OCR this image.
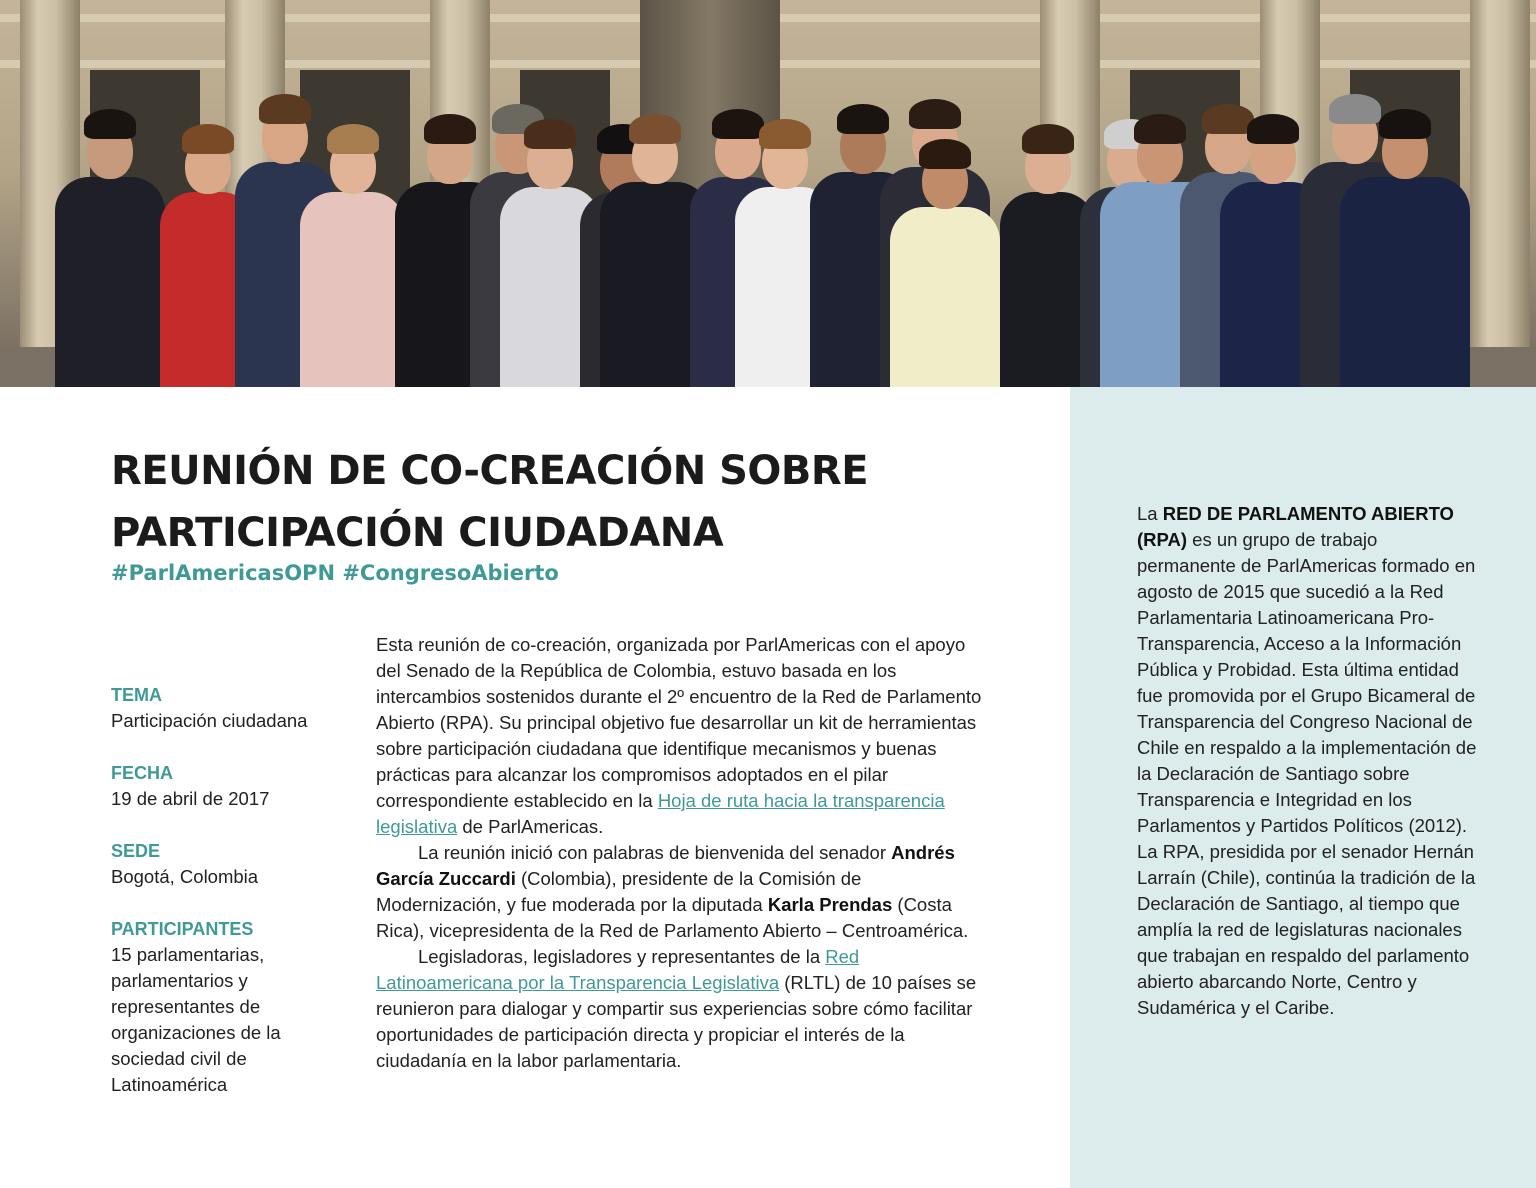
REUNIÓN DE CO-CREACIÓN SOBRE
PARTICIPACIÓN CIUDADANA
#ParlAmericasOPN #CongresoAbierto
TEMA
Participación ciudadana
FECHA
19 de abril de 2017
SEDE
Bogotá, Colombia
PARTICIPANTES
15 parlamentarias, parlamentarios y representantes de organizaciones de la sociedad civil de Latinoamérica

Esta reunión de co-creación, organizada por ParlAmericas con el apoyo del Senado de la República de Colombia, estuvo basada en los intercambios sostenidos durante el 2º encuentro de la Red de Parlamento Abierto (RPA). Su principal objetivo fue desarrollar un kit de herramientas sobre participación ciudadana que identifique mecanismos y buenas prácticas para alcanzar los compromisos adoptados en el pilar correspondiente establecido en la Hoja de ruta hacia la transparencia legislativa de ParlAmericas.

La reunión inició con palabras de bienvenida del senador Andrés García Zuccardi (Colombia), presidente de la Comisión de Modernización, y fue moderada por la diputada Karla Prendas (Costa Rica), vicepresidenta de la Red de Parlamento Abierto – Centroamérica.

Legisladoras, legisladores y representantes de la Red Latinoamericana por la Transparencia Legislativa (RLTL) de 10 países se reunieron para dialogar y compartir sus experiencias sobre cómo facilitar oportunidades de participación directa y propiciar el interés de la ciudadanía en la labor parlamentaria.

La RED DE PARLAMENTO ABIERTO (RPA) es un grupo de trabajo permanente de ParlAmericas formado en agosto de 2015 que sucedió a la Red Parlamentaria Latinoamericana Pro-Transparencia, Acceso a la Información Pública y Probidad. Esta última entidad fue promovida por el Grupo Bicameral de Transparencia del Congreso Nacional de Chile en respaldo a la implementación de la Declaración de Santiago sobre Transparencia e Integridad en los Parlamentos y Partidos Políticos (2012). La RPA, presidida por el senador Hernán Larraín (Chile), continúa la tradición de la Declaración de Santiago, al tiempo que amplía la red de legislaturas nacionales que trabajan en respaldo del parlamento abierto abarcando Norte, Centro y Sudamérica y el Caribe.
